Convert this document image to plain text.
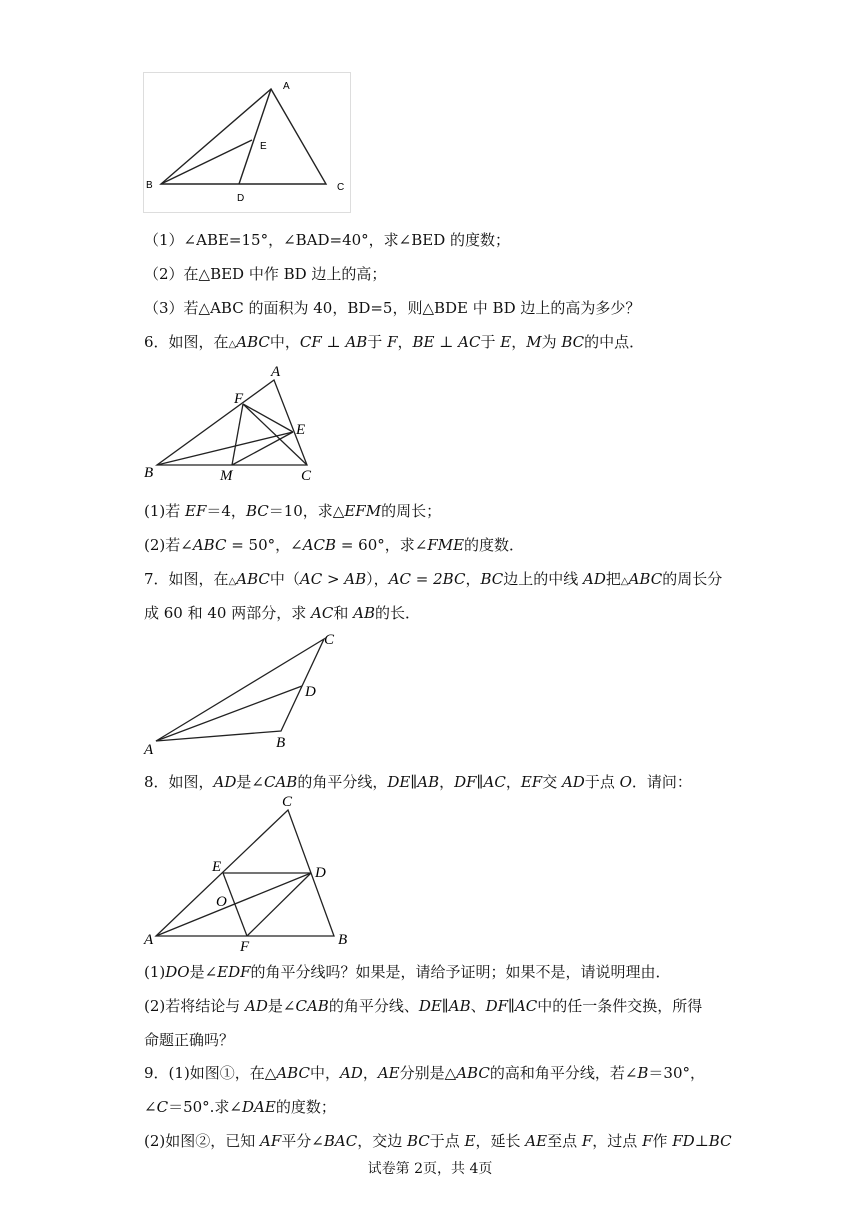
A
E
B
D
C
（1）∠ABE=15°，∠BAD=40°，求∠BED 的度数；
（2）在△BED 中作 BD 边上的高；
（3）若△ABC 的面积为 40，BD=5，则△BDE 中 BD 边上的高为多少？
6．如图，在△ABC中，CF ⊥ AB于 F，BE ⊥ AC于 E，M为 BC的中点．
A
F
E
B	M	C
(1)若 EF＝4，BC＝10，求△EFM的周长；
(2)若∠ABC = 50°，∠ACB = 60°，求∠FME的度数．
7．如图，在△ABC中（AC > AB），AC = 2BC，BC边上的中线 AD把△ABC的周长分
成 60 和 40 两部分，求 AC和 AB的长．
C
D
B
A
8．如图，AD是∠CAB的角平分线，DE∥AB，DF∥AC，EF交 AD于点 O．请问：
C
E	D
O
A	F	B
(1)DO是∠EDF的角平分线吗？如果是，请给予证明；如果不是，请说明理由．
(2)若将结论与 AD是∠CAB的角平分线、DE∥AB、DF∥AC中的任一条件交换，所得
命题正确吗？
9．(1)如图①，在△ABC中，AD，AE分别是△ABC的高和角平分线，若∠B＝30°，
∠C＝50°.求∠DAE的度数；
(2)如图②，已知 AF平分∠BAC，交边 BC于点 E，延长 AE至点 F，过点 F作 FD⊥BC
试卷第 2页，共 4页
